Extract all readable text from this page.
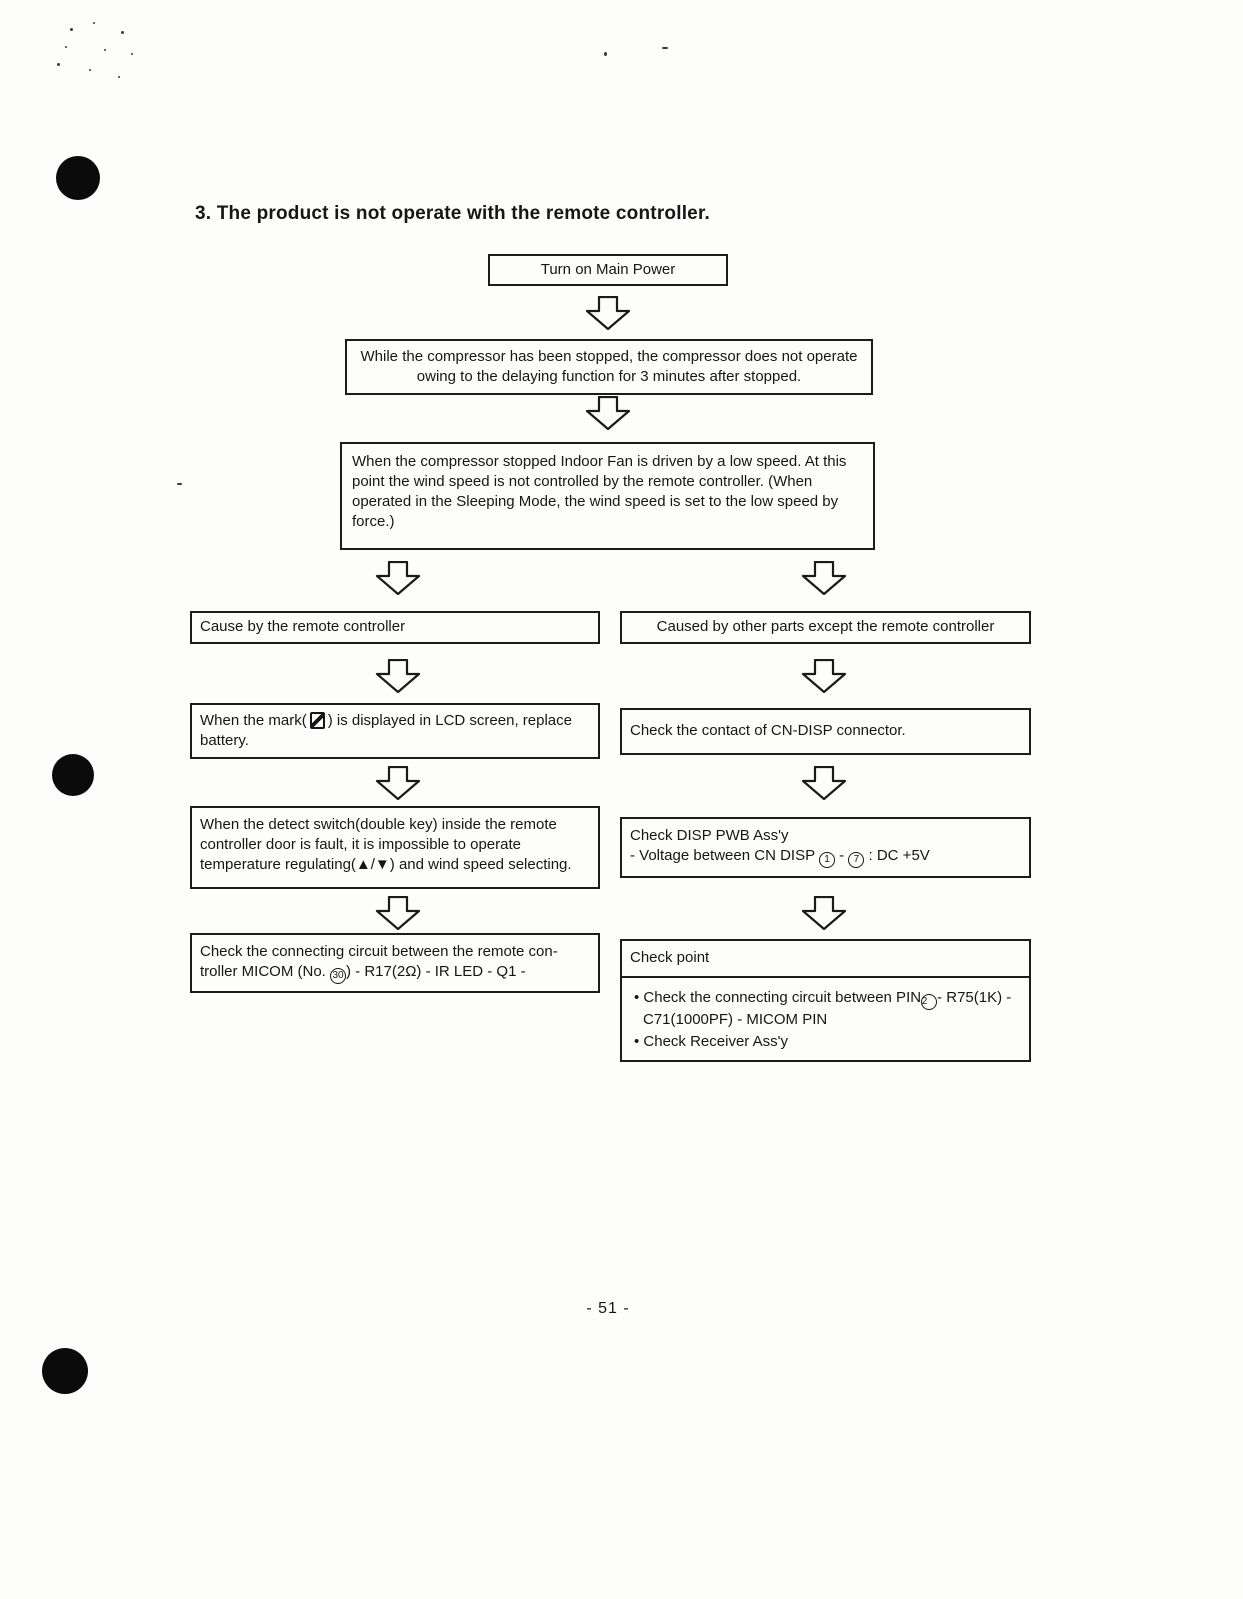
3. The product is not operate with the remote controller.
Turn on Main Power
While the compressor has been stopped, the compressor does not operate owing to the delaying function for 3 minutes after stopped.
When the compressor stopped Indoor Fan is driven by a low speed. At this point the wind speed is not controlled by the remote controller. (When operated in the Sleeping Mode, the wind speed is set to the low speed by force.)
Cause by the remote controller	Caused by other parts except the remote controller
When the mark( ) is displayed in LCD screen, replace battery.
Check the contact of CN-DISP connector.
When the detect switch(double key) inside the remote controller door is fault, it is impossible to operate temperature regulating(▲/▼) and wind speed selecting.
Check DISP PWB Ass'y
- Voltage between CN DISP 1 - 7 : DC +5V
Check the connecting circuit between the remote con-troller MICOM (No. 30 ) - R17(2Ω) - IR LED - Q1 -
Check point
• Check the connecting circuit between PIN2 - R75(1K) - C71(1000PF) - MICOM PIN
• Check Receiver Ass'y
- 51 -
